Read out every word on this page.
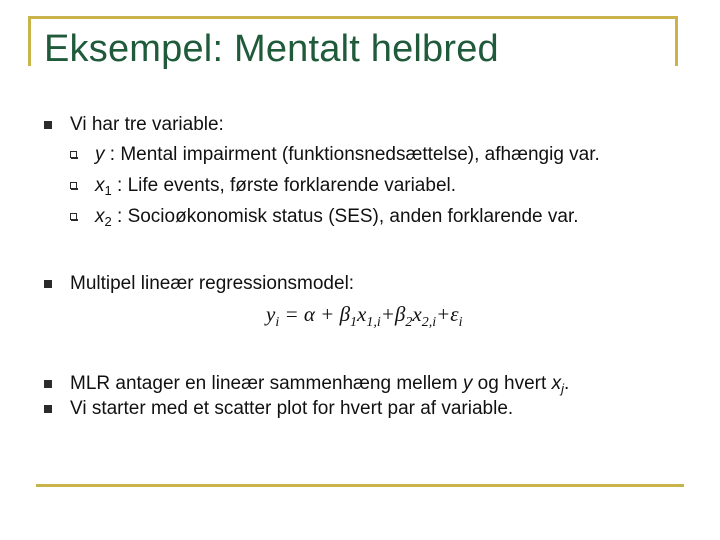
Eksempel: Mentalt helbred
Vi har tre variable:
y : Mental impairment (funktionsnedsættelse), afhængig var.
$x_1$ : Life events, første forklarende variabel.
$x_2$ : Socioøkonomisk status (SES), anden forklarende var.
Multipel lineær regressionsmodel:
$y_i = \alpha + \beta_1x_{1,i}+\beta_2x_{2,i}+\varepsilon_i$
MLR antager en lineær sammenhæng mellem y og hvert $x_j$.
Vi starter med et scatter plot for hvert par af variable.
